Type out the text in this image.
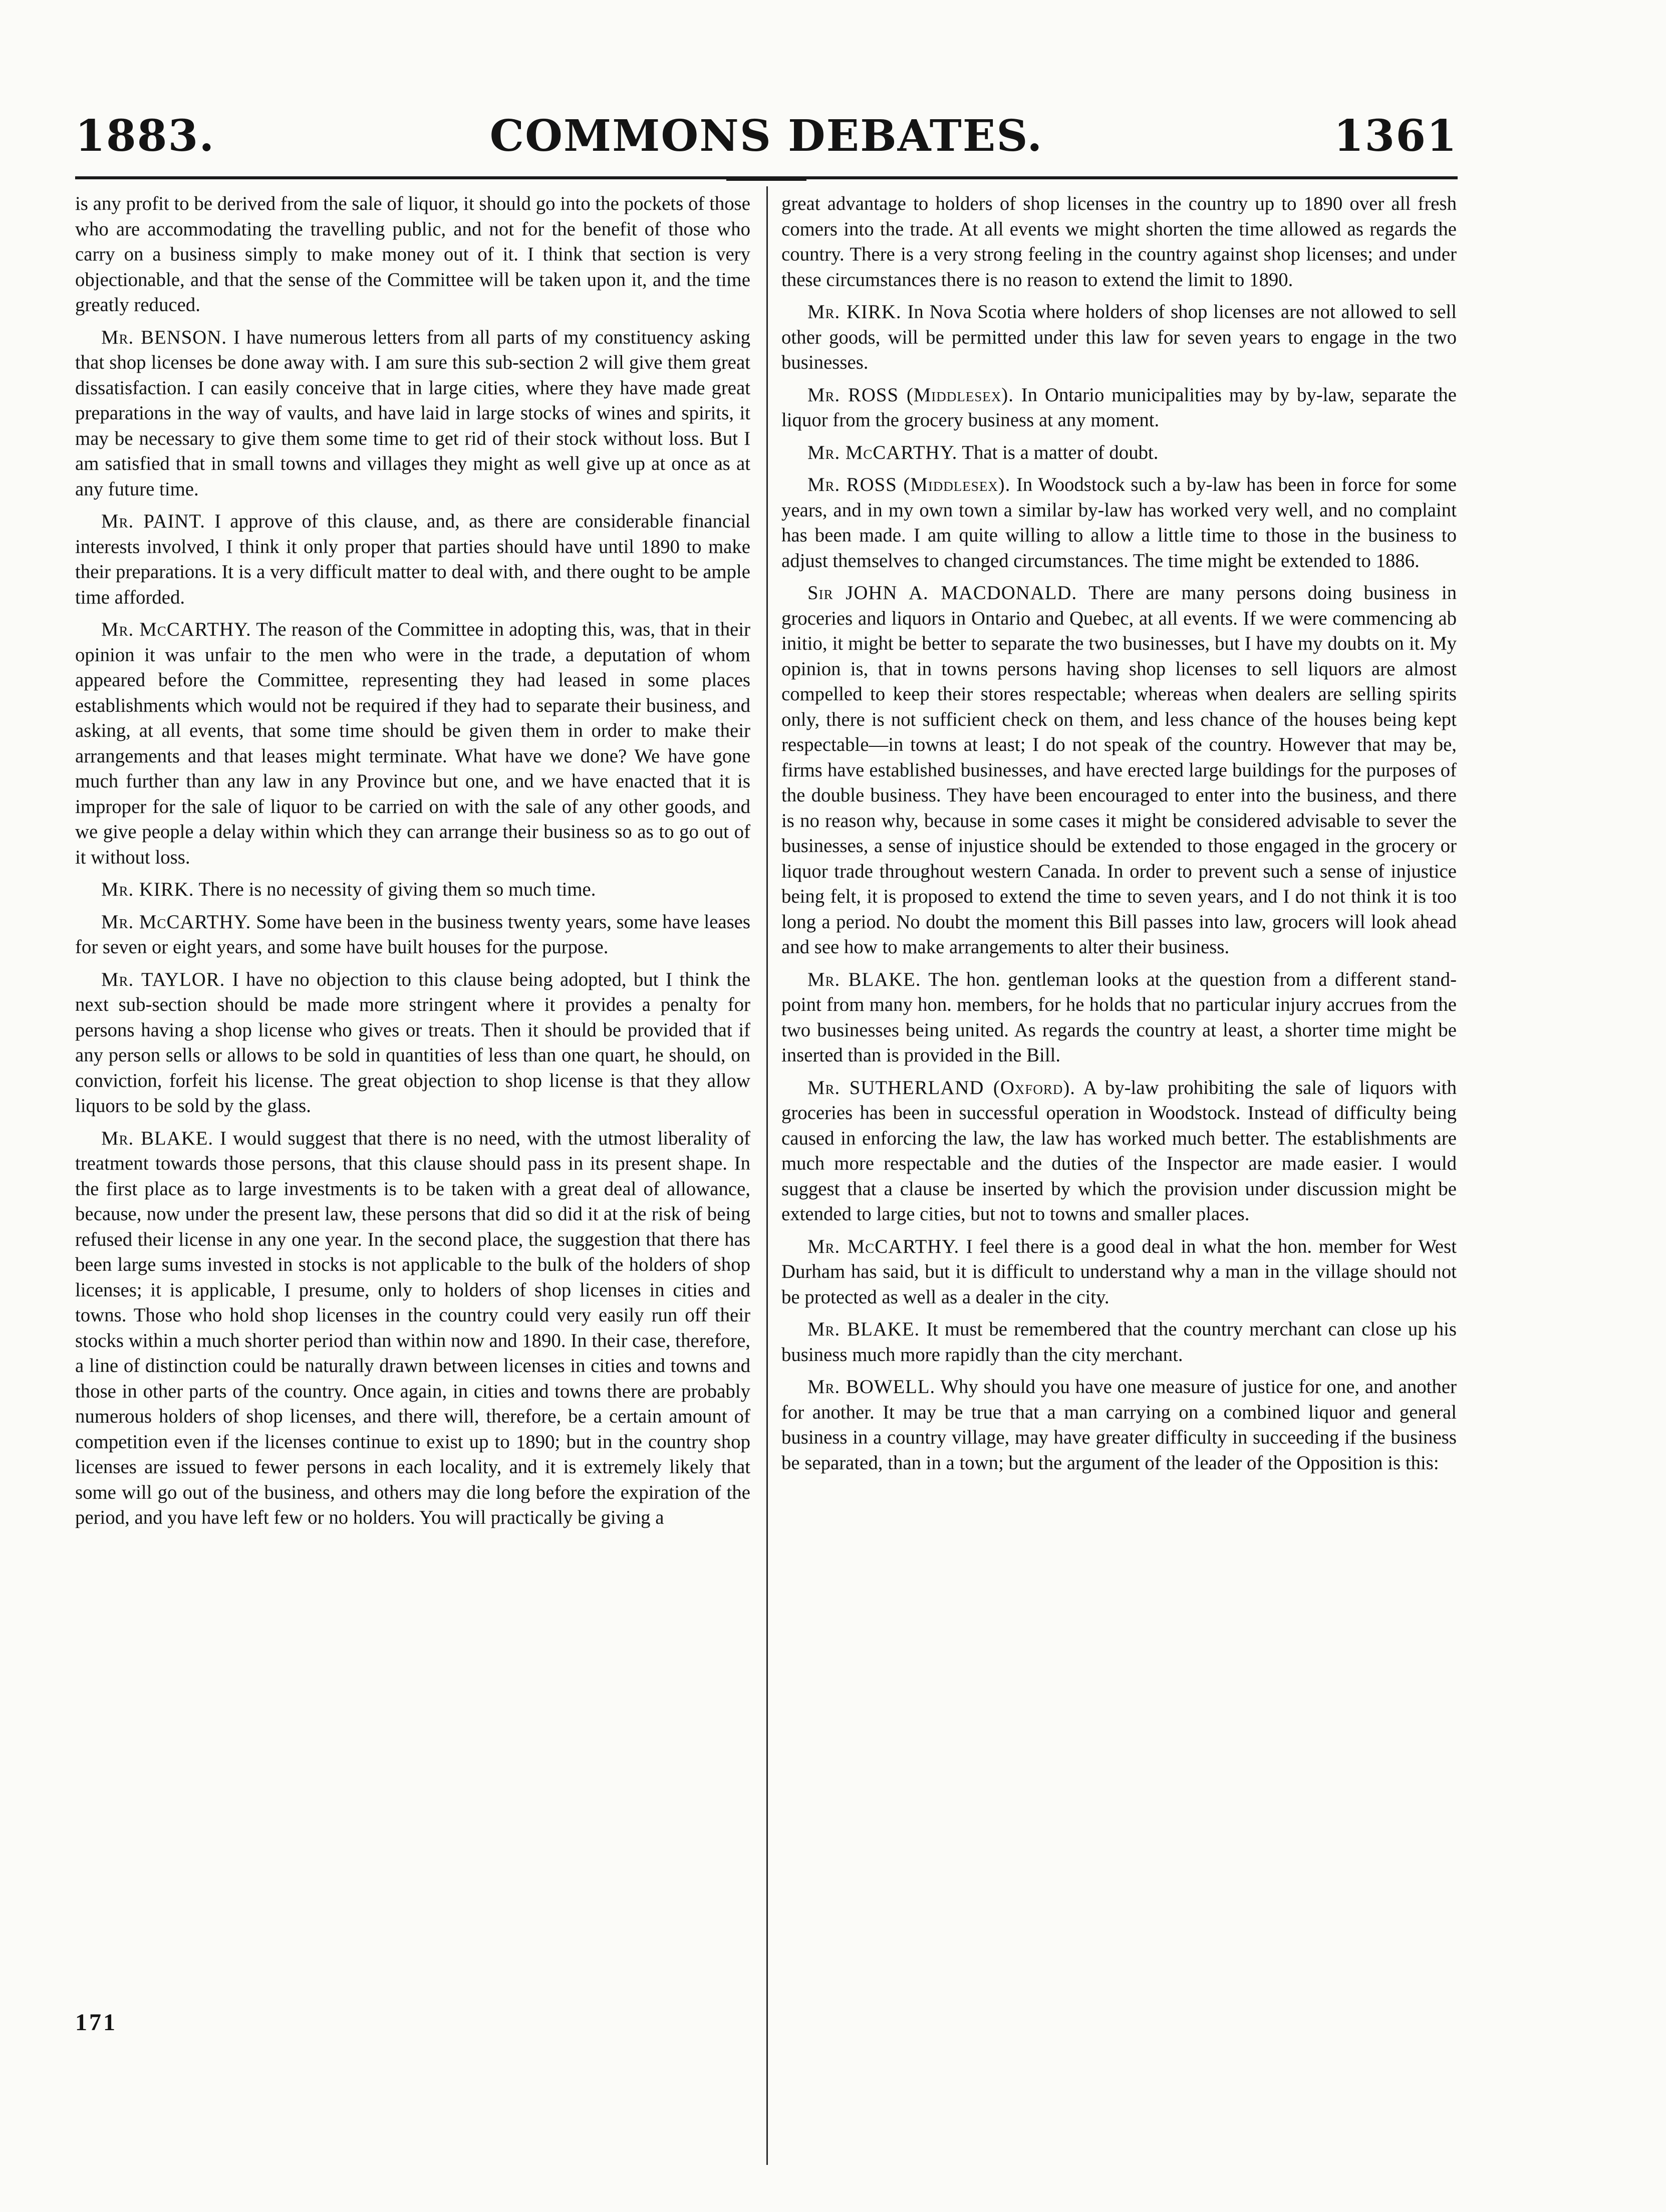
1883.	COMMONS DEBATES.	1361

is any profit to be derived from the sale of liquor, it should go into the pockets of those who are accommodating the travelling public, and not for the benefit of those who carry on a business simply to make money out of it. I think that section is very objectionable, and that the sense of the Committee will be taken upon it, and the time greatly reduced.

Mr. BENSON. I have numerous letters from all parts of my constituency asking that shop licenses be done away with. I am sure this sub-section 2 will give them great dissatisfaction. I can easily conceive that in large cities, where they have made great preparations in the way of vaults, and have laid in large stocks of wines and spirits, it may be necessary to give them some time to get rid of their stock without loss. But I am satisfied that in small towns and villages they might as well give up at once as at any future time.

Mr. PAINT. I approve of this clause, and, as there are considerable financial interests involved, I think it only proper that parties should have until 1890 to make their preparations. It is a very difficult matter to deal with, and there ought to be ample time afforded.

Mr. McCARTHY. The reason of the Committee in adopting this, was, that in their opinion it was unfair to the men who were in the trade, a deputation of whom appeared before the Committee, representing they had leased in some places establishments which would not be required if they had to separate their business, and asking, at all events, that some time should be given them in order to make their arrangements and that leases might terminate. What have we done? We have gone much further than any law in any Province but one, and we have enacted that it is improper for the sale of liquor to be carried on with the sale of any other goods, and we give people a delay within which they can arrange their business so as to go out of it without loss.

Mr. KIRK. There is no necessity of giving them so much time.

Mr. McCARTHY. Some have been in the business twenty years, some have leases for seven or eight years, and some have built houses for the purpose.

Mr. TAYLOR. I have no objection to this clause being adopted, but I think the next sub-section should be made more stringent where it provides a penalty for persons having a shop license who gives or treats. Then it should be provided that if any person sells or allows to be sold in quantities of less than one quart, he should, on conviction, forfeit his license. The great objection to shop license is that they allow liquors to be sold by the glass.

Mr. BLAKE. I would suggest that there is no need, with the utmost liberality of treatment towards those persons, that this clause should pass in its present shape. In the first place as to large investments is to be taken with a great deal of allowance, because, now under the present law, these persons that did so did it at the risk of being refused their license in any one year. In the second place, the suggestion that there has been large sums invested in stocks is not applicable to the bulk of the holders of shop licenses; it is applicable, I presume, only to holders of shop licenses in cities and towns. Those who hold shop licenses in the country could very easily run off their stocks within a much shorter period than within now and 1890. In their case, therefore, a line of distinction could be naturally drawn between licenses in cities and towns and those in other parts of the country. Once again, in cities and towns there are probably numerous holders of shop licenses, and there will, therefore, be a certain amount of competition even if the licenses continue to exist up to 1890; but in the country shop licenses are issued to fewer persons in each locality, and it is extremely likely that some will go out of the business, and others may die long before the expiration of the period, and you have left few or no holders. You will practically be giving a

great advantage to holders of shop licenses in the country up to 1890 over all fresh comers into the trade. At all events we might shorten the time allowed as regards the country. There is a very strong feeling in the country against shop licenses; and under these circumstances there is no reason to extend the limit to 1890.

Mr. KIRK. In Nova Scotia where holders of shop licenses are not allowed to sell other goods, will be permitted under this law for seven years to engage in the two businesses.

Mr. ROSS (Middlesex). In Ontario municipalities may by by-law, separate the liquor from the grocery business at any moment.

Mr. McCARTHY. That is a matter of doubt.

Mr. ROSS (Middlesex). In Woodstock such a by-law has been in force for some years, and in my own town a similar by-law has worked very well, and no complaint has been made. I am quite willing to allow a little time to those in the business to adjust themselves to changed circumstances. The time might be extended to 1886.

Sir JOHN A. MACDONALD. There are many persons doing business in groceries and liquors in Ontario and Quebec, at all events. If we were commencing ab initio, it might be better to separate the two businesses, but I have my doubts on it. My opinion is, that in towns persons having shop licenses to sell liquors are almost compelled to keep their stores respectable; whereas when dealers are selling spirits only, there is not sufficient check on them, and less chance of the houses being kept respectable—in towns at least; I do not speak of the country. However that may be, firms have established businesses, and have erected large buildings for the purposes of the double business. They have been encouraged to enter into the business, and there is no reason why, because in some cases it might be considered advisable to sever the businesses, a sense of injustice should be extended to those engaged in the grocery or liquor trade throughout western Canada. In order to prevent such a sense of injustice being felt, it is proposed to extend the time to seven years, and I do not think it is too long a period. No doubt the moment this Bill passes into law, grocers will look ahead and see how to make arrangements to alter their business.

Mr. BLAKE. The hon. gentleman looks at the question from a different stand-point from many hon. members, for he holds that no particular injury accrues from the two businesses being united. As regards the country at least, a shorter time might be inserted than is provided in the Bill.

Mr. SUTHERLAND (Oxford). A by-law prohibiting the sale of liquors with groceries has been in successful operation in Woodstock. Instead of difficulty being caused in enforcing the law, the law has worked much better. The establishments are much more respectable and the duties of the Inspector are made easier. I would suggest that a clause be inserted by which the provision under discussion might be extended to large cities, but not to towns and smaller places.

Mr. McCARTHY. I feel there is a good deal in what the hon. member for West Durham has said, but it is difficult to understand why a man in the village should not be protected as well as a dealer in the city.

Mr. BLAKE. It must be remembered that the country merchant can close up his business much more rapidly than the city merchant.

Mr. BOWELL. Why should you have one measure of justice for one, and another for another. It may be true that a man carrying on a combined liquor and general business in a country village, may have greater difficulty in succeeding if the business be separated, than in a town; but the argument of the leader of the Opposition is this:

171
